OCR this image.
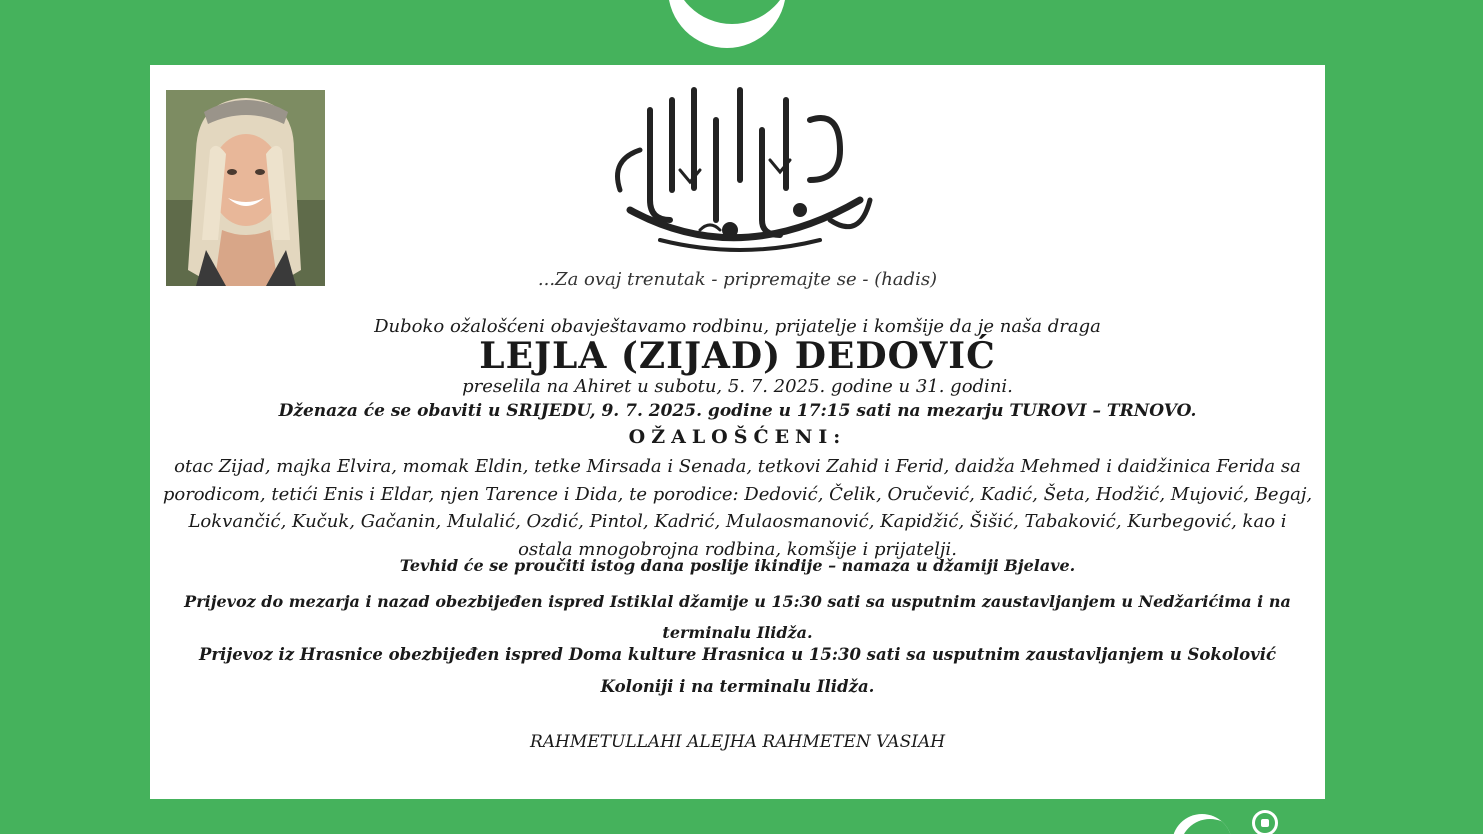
...Za ovaj trenutak - pripremajte se - (hadis)
Duboko ožalošćeni obavještavamo rodbinu, prijatelje i komšije da je naša draga
LEJLA (ZIJAD) DEDOVIĆ
preselila na Ahiret u subotu, 5. 7. 2025. godine u 31. godini.
Dženaza će se obaviti u SRIJEDU, 9. 7. 2025. godine u 17:15 sati na mezarju TUROVI – TRNOVO.
OŽALOŠĆENI:
otac Zijad, majka Elvira, momak Eldin, tetke Mirsada i Senada, tetkovi Zahid i Ferid, daidža Mehmed i daidžinica Ferida sa porodicom, tetići Enis i Eldar, njen Tarence i Dida, te porodice: Dedović, Čelik, Oručević, Kadić, Šeta, Hodžić, Mujović, Begaj, Lokvančić, Kučuk, Gačanin, Mulalić, Ozdić, Pintol, Kadrić, Mulaosmanović, Kapidžić, Šišić, Tabaković, Kurbegović, kao i ostala mnogobrojna rodbina, komšije i prijatelji.
Tevhid će se proučiti istog dana poslije ikindije – namaza u džamiji Bjelave.
Prijevoz do mezarja i nazad obezbijeđen ispred Istiklal džamije u 15:30 sati sa usputnim zaustavljanjem u Nedžarićima i na terminalu Ilidža.
Prijevoz iz Hrasnice obezbijeđen ispred Doma kulture Hrasnica u 15:30 sati sa usputnim zaustavljanjem u Sokolović Koloniji i na terminalu Ilidža.
RAHMETULLAHI ALEJHA RAHMETEN VASIAH
